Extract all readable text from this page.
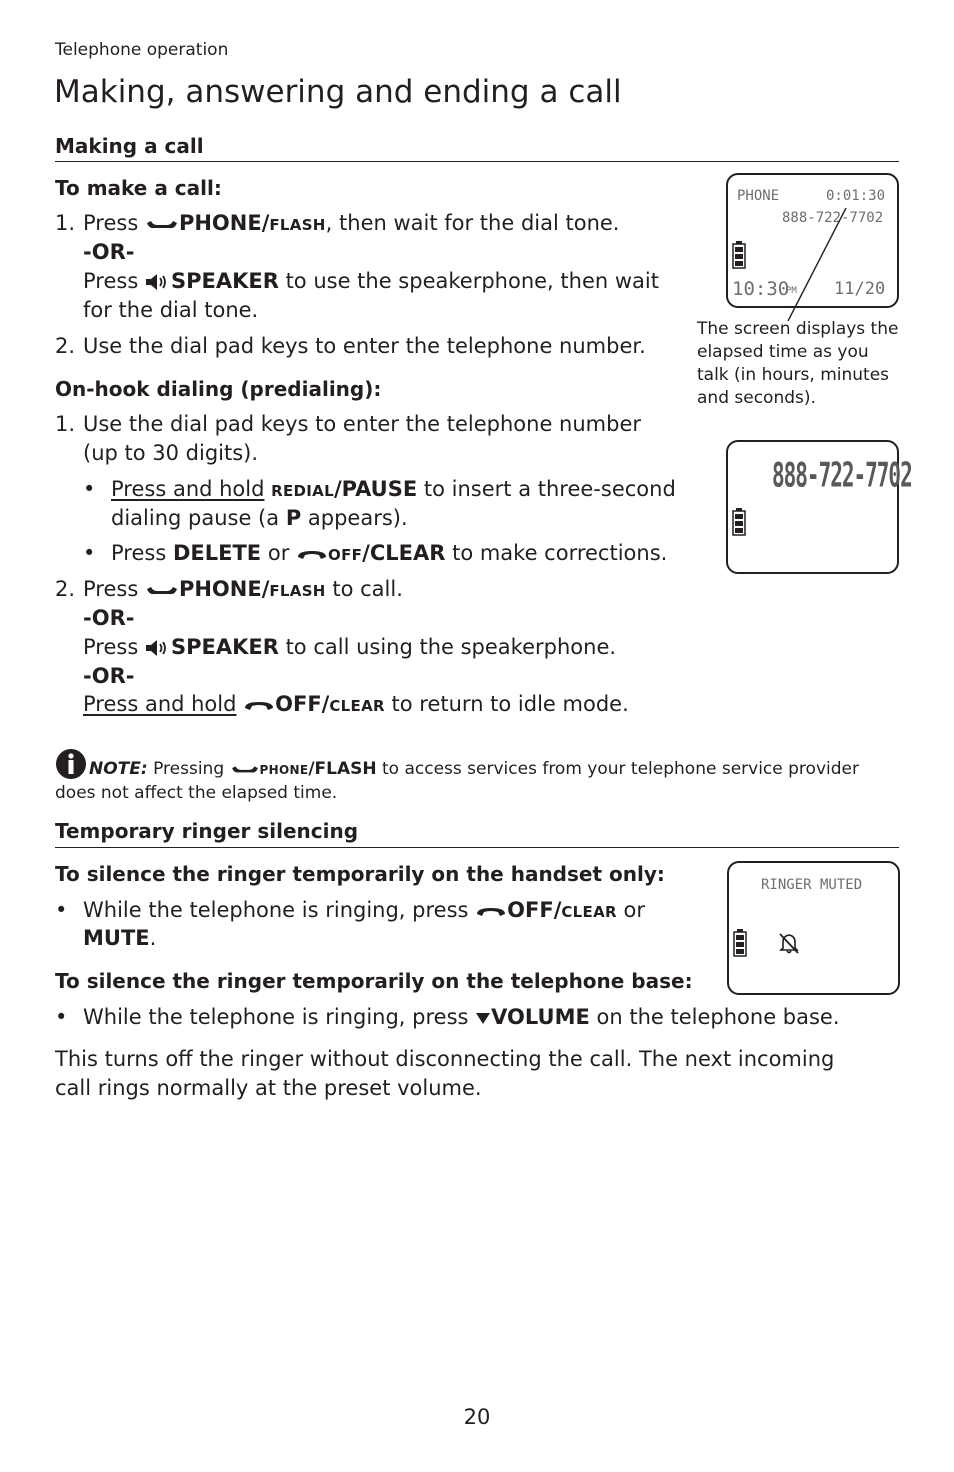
Telephone operation
Making, answering and ending a call
Making a call
To make a call:
1. Press PHONE/FLASH, then wait for the dial tone.
-OR-
Press SPEAKER to use the speakerphone, then wait
for the dial tone.
2. Use the dial pad keys to enter the telephone number.
On-hook dialing (predialing):
1. Use the dial pad keys to enter the telephone number
(up to 30 digits).
• Press and hold REDIAL/PAUSE to insert a three-second
dialing pause (a P appears).
• Press DELETE or	OFF/CLEAR to make corrections.
2. Press PHONE/FLASH to call.
-OR-
Press SPEAKER to call using the speakerphone.
-OR-
Press and hold OFF/CLEAR to return to idle mode.
NOTE: Pressing	PHONE/FLASH to access services from your telephone service provider
does not affect the elapsed time.
Temporary ringer silencing
To silence the ringer temporarily on the handset only:
• While the telephone is ringing, press OFF/CLEAR or
MUTE.
To silence the ringer temporarily on the telephone base:
• While the telephone is ringing, press VOLUME on the telephone base.
This turns off the ringer without disconnecting the call. The next incoming
call rings normally at the preset volume.
PHONE	0:01:30
888-722-7702
10:30
PM 11/20
The screen displays the
elapsed time as you
talk (in hours, minutes
and seconds).
888-722-7702
RINGER MUTED
20
